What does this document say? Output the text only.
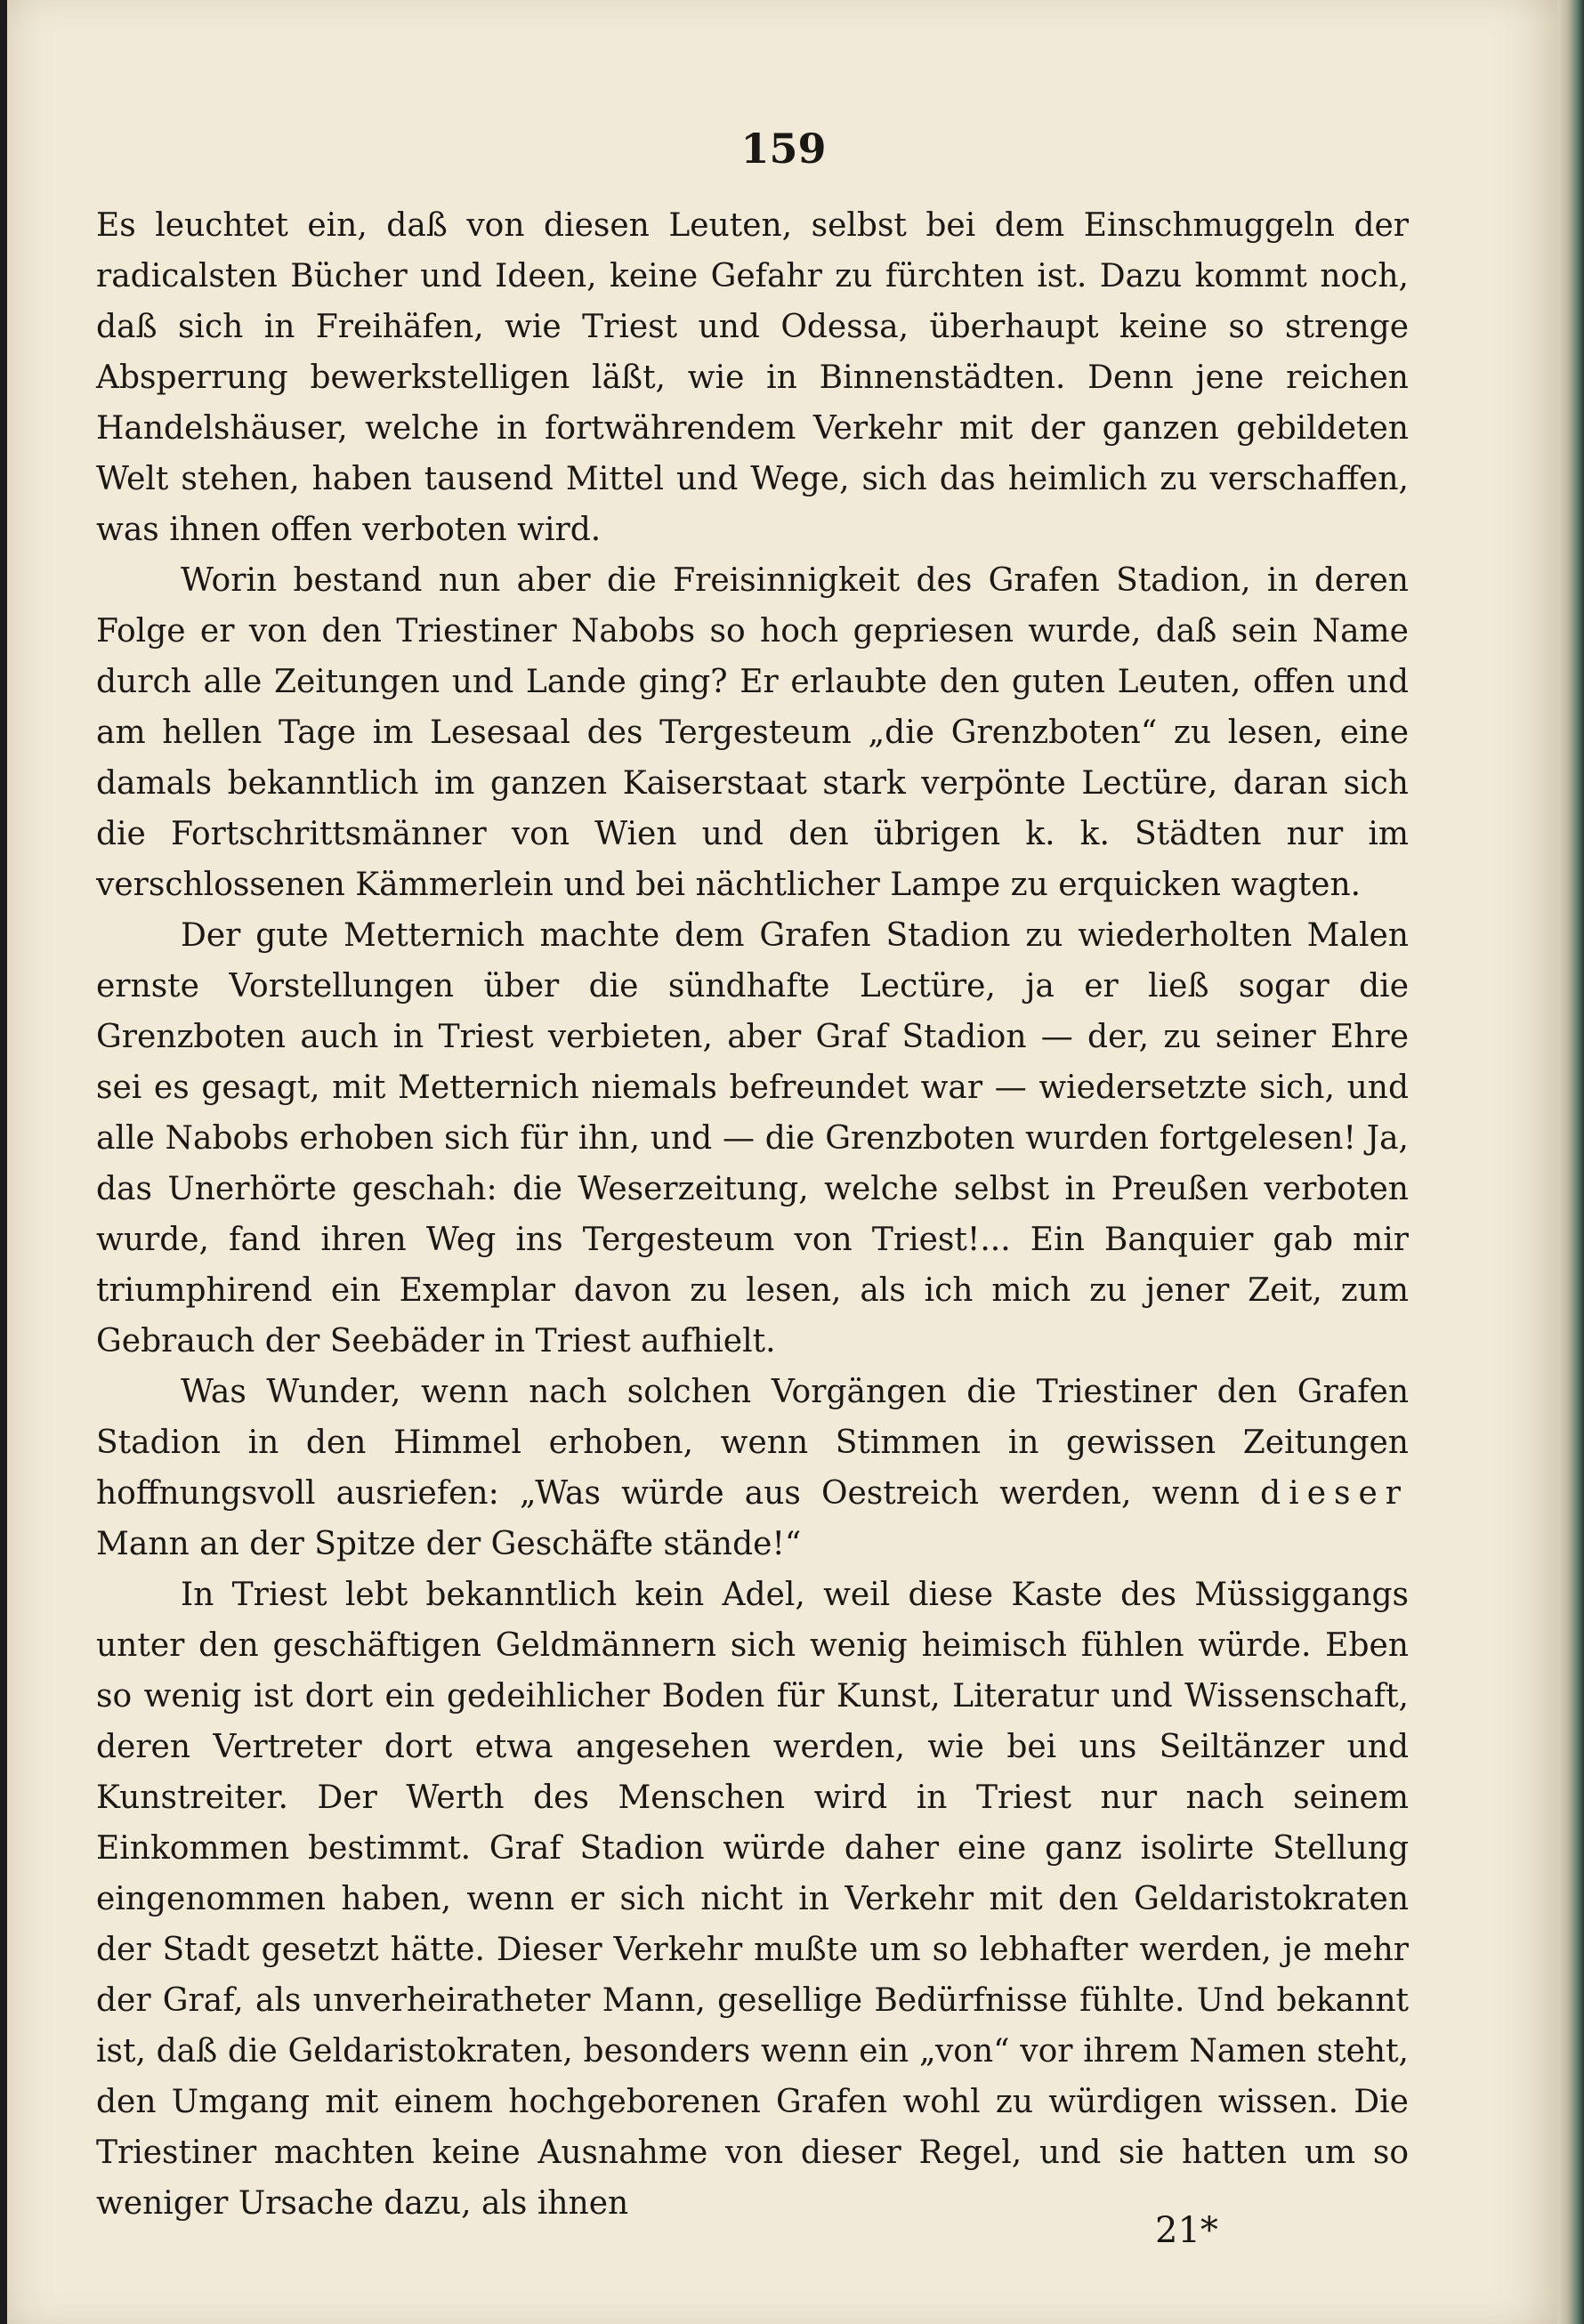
159

Es leuchtet ein, daß von diesen Leuten, selbst bei dem Einschmuggeln der radicalsten Bücher und Ideen, keine Gefahr zu fürchten ist. Dazu kommt noch, daß sich in Freihäfen, wie Triest und Odessa, überhaupt keine so strenge Absperrung bewerkstelligen läßt, wie in Binnenstädten. Denn jene reichen Handelshäuser, welche in fortwährendem Verkehr mit der ganzen gebildeten Welt stehen, haben tausend Mittel und Wege, sich das heimlich zu verschaffen, was ihnen offen verboten wird.

Worin bestand nun aber die Freisinnigkeit des Grafen Stadion, in deren Folge er von den Triestiner Nabobs so hoch gepriesen wurde, daß sein Name durch alle Zeitungen und Lande ging? Er erlaubte den guten Leuten, offen und am hellen Tage im Lesesaal des Tergesteum „die Grenzboten“ zu lesen, eine damals bekanntlich im ganzen Kaiserstaat stark verpönte Lectüre, daran sich die Fortschrittsmänner von Wien und den übrigen k. k. Städten nur im verschlossenen Kämmerlein und bei nächtlicher Lampe zu erquicken wagten.

Der gute Metternich machte dem Grafen Stadion zu wiederholten Malen ernste Vorstellungen über die sündhafte Lectüre, ja er ließ sogar die Grenzboten auch in Triest verbieten, aber Graf Stadion — der, zu seiner Ehre sei es gesagt, mit Metternich niemals befreundet war — wiedersetzte sich, und alle Nabobs erhoben sich für ihn, und — die Grenzboten wurden fortgelesen! Ja, das Unerhörte geschah: die Weserzeitung, welche selbst in Preußen verboten wurde, fand ihren Weg ins Tergesteum von Triest!... Ein Banquier gab mir triumphirend ein Exemplar davon zu lesen, als ich mich zu jener Zeit, zum Gebrauch der Seebäder in Triest aufhielt.

Was Wunder, wenn nach solchen Vorgängen die Triestiner den Grafen Stadion in den Himmel erhoben, wenn Stimmen in gewissen Zeitungen hoffnungsvoll ausriefen: „Was würde aus Oestreich werden, wenn dieser Mann an der Spitze der Geschäfte stände!“

In Triest lebt bekanntlich kein Adel, weil diese Kaste des Müssiggangs unter den geschäftigen Geldmännern sich wenig heimisch fühlen würde. Eben so wenig ist dort ein gedeihlicher Boden für Kunst, Literatur und Wissenschaft, deren Vertreter dort etwa angesehen werden, wie bei uns Seiltänzer und Kunstreiter. Der Werth des Menschen wird in Triest nur nach seinem Einkommen bestimmt. Graf Stadion würde daher eine ganz isolirte Stellung eingenommen haben, wenn er sich nicht in Verkehr mit den Geldaristokraten der Stadt gesetzt hätte. Dieser Verkehr mußte um so lebhafter werden, je mehr der Graf, als unverheiratheter Mann, gesellige Bedürfnisse fühlte. Und bekannt ist, daß die Geldaristokraten, besonders wenn ein „von“ vor ihrem Namen steht, den Umgang mit einem hochgeborenen Grafen wohl zu würdigen wissen. Die Triestiner machten keine Ausnahme von dieser Regel, und sie hatten um so weniger Ursache dazu, als ihnen

21*
